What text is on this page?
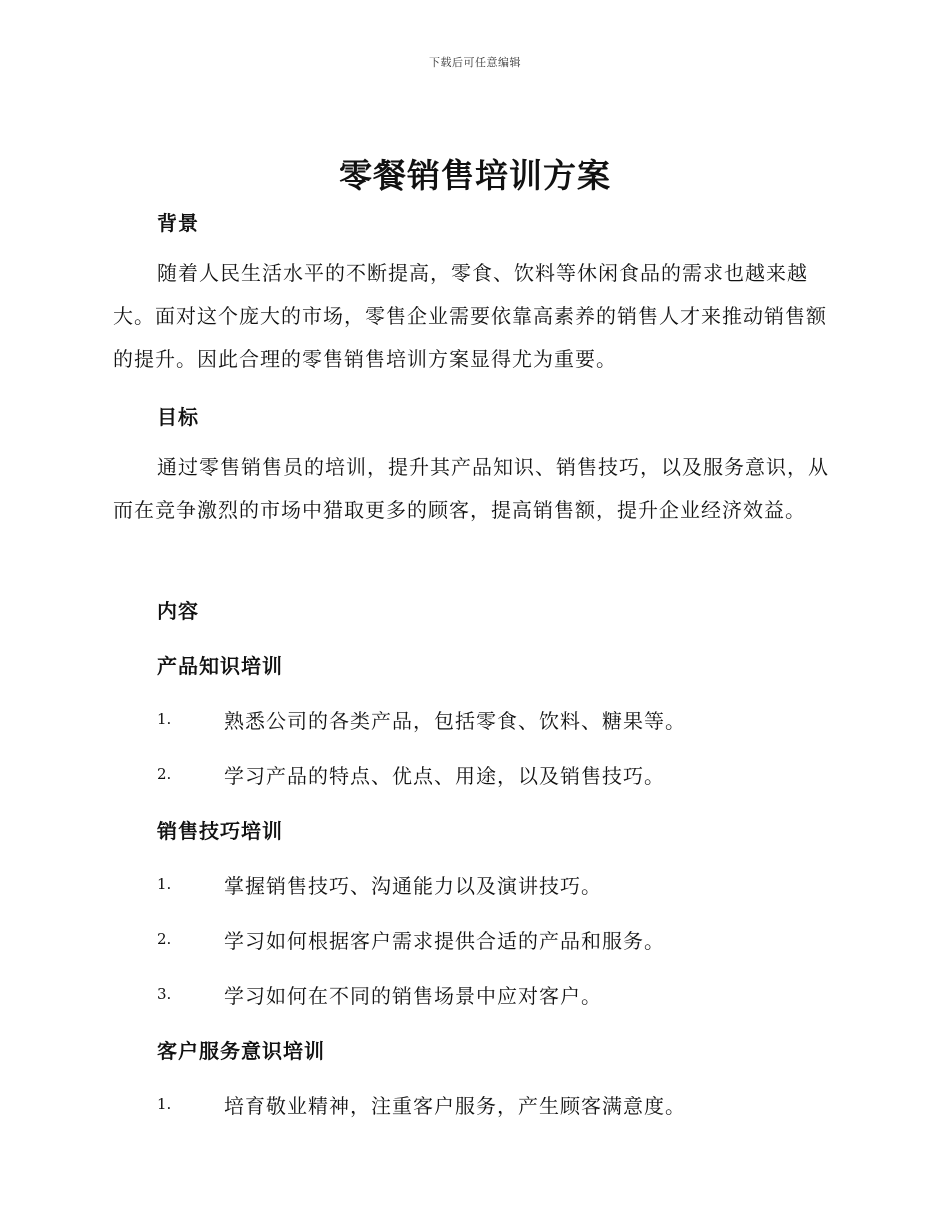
下载后可任意编辑
零餐销售培训方案
背景
随着人民生活水平的不断提高，零食、饮料等休闲食品的需求也越来越大。面对这个庞大的市场，零售企业需要依靠高素养的销售人才来推动销售额的提升。因此合理的零售销售培训方案显得尤为重要。
目标
通过零售销售员的培训，提升其产品知识、销售技巧，以及服务意识，从而在竞争激烈的市场中猎取更多的顾客，提高销售额，提升企业经济效益。
内容
产品知识培训
1.	熟悉公司的各类产品，包括零食、饮料、糖果等。
2.	学习产品的特点、优点、用途，以及销售技巧。
销售技巧培训
1.	掌握销售技巧、沟通能力以及演讲技巧。
2.	学习如何根据客户需求提供合适的产品和服务。
3.	学习如何在不同的销售场景中应对客户。
客户服务意识培训
1.	培育敬业精神，注重客户服务，产生顾客满意度。
